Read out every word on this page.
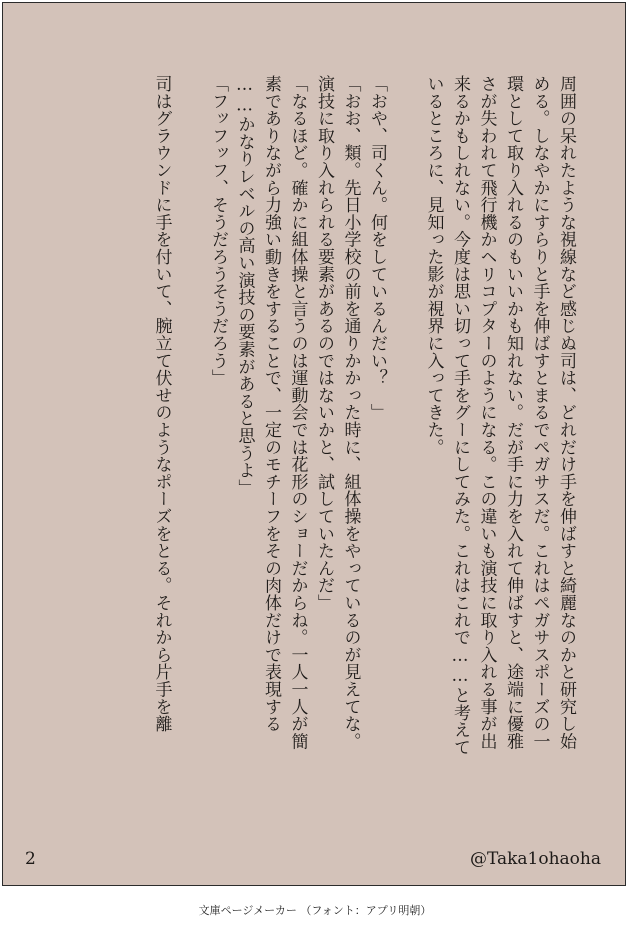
周囲の呆れたような視線など感じぬ司は、どれだけ手を伸ばすと綺麗なのかと研究し始

める。しなやかにすらりと手を伸ばすとまるでペガサスだ。これはペガサスポーズの一

環として取り入れるのもいいかも知れない。だが手に力を入れて伸ばすと、途端に優雅

さが失われて飛行機かヘリコプターのようになる。この違いも演技に取り入れる事が出

来るかもしれない。今度は思い切って手をグーにしてみた。これはこれで……と考えて

いるところに、見知った影が視界に入ってきた。

「おや、司くん。何をしているんだい？　」

「おお、類。先日小学校の前を通りかかった時に、組体操をやっているのが見えてな。

演技に取り入れられる要素があるのではないかと、試していたんだ」

「なるほど。確かに組体操と言うのは運動会では花形のショーだからね。一人一人が簡

素でありながら力強い動きをすることで、一定のモチーフをその肉体だけで表現する

……かなりレベルの高い演技の要素があると思うよ」

「フッフッフ、そうだろうそうだろう」

司はグラウンドに手を付いて、腕立て伏せのようなポーズをとる。それから片手を離

2	@Taka1ohaoha
文庫ページメーカー （フォント：アプリ明朝）
